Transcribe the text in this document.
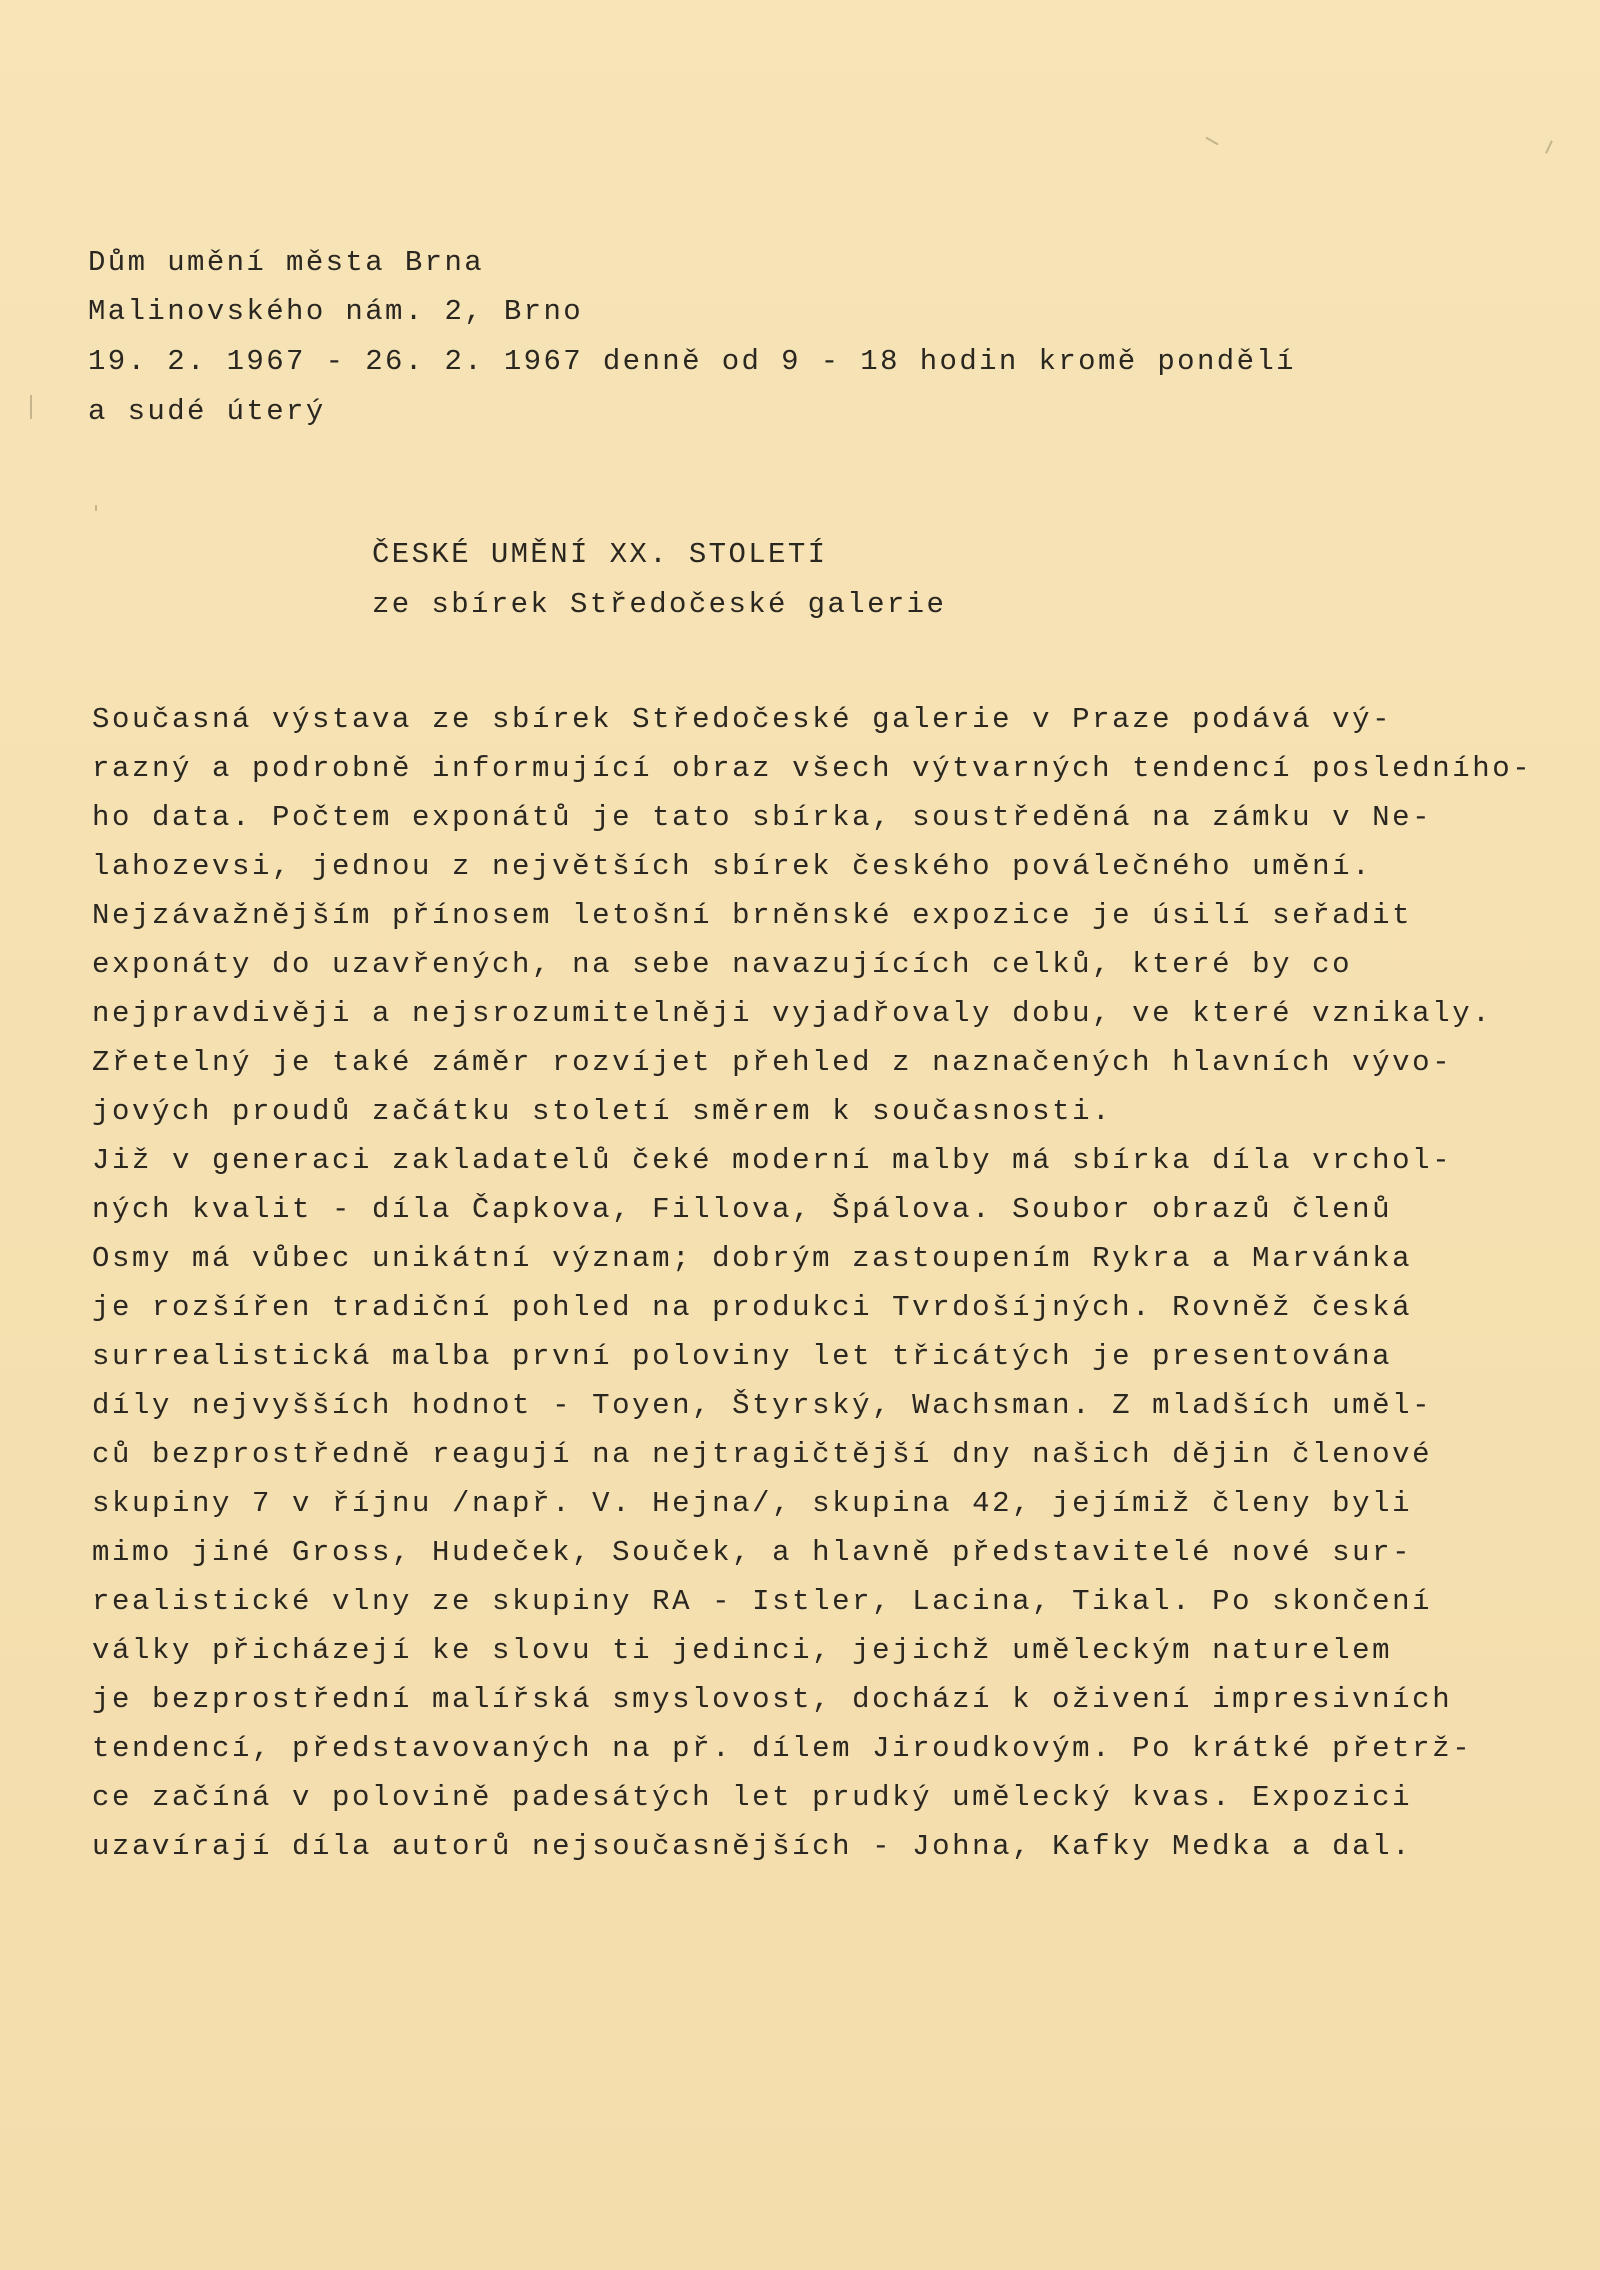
Dům umění města Brna
Malinovského nám. 2, Brno
19. 2. 1967 - 26. 2. 1967 denně od 9 - 18 hodin kromě pondělí
a sudé úterý
ČESKÉ UMĚNÍ XX. STOLETÍ
ze sbírek Středočeské galerie
Současná výstava ze sbírek Středočeské galerie v Praze podává vý-
razný a podrobně informující obraz všech výtvarných tendencí posledního-
ho data. Počtem exponátů je tato sbírka, soustředěná na zámku v Ne-
lahozevsi, jednou z největších sbírek českého poválečného umění.
Nejzávažnějším přínosem letošní brněnské expozice je úsilí seřadit
exponáty do uzavřených, na sebe navazujících celků, které by co
nejpravdivěji a nejsrozumitelněji vyjadřovaly dobu, ve které vznikaly.
Zřetelný je také záměr rozvíjet přehled z naznačených hlavních vývo-
jových proudů začátku století směrem k současnosti.
Již v generaci zakladatelů čeké moderní malby má sbírka díla vrchol-
ných kvalit - díla Čapkova, Fillova, Špálova. Soubor obrazů členů
Osmy má vůbec unikátní význam; dobrým zastoupením Rykra a Marvánka
je rozšířen tradiční pohled na produkci Tvrdošíjných. Rovněž česká
surrealistická malba první poloviny let třicátých je presentována
díly nejvyšších hodnot - Toyen, Štyrský, Wachsman. Z mladších uměl-
ců bezprostředně reagují na nejtragičtější dny našich dějin členové
skupiny 7 v říjnu /např. V. Hejna/, skupina 42, jejímiž členy byli
mimo jiné Gross, Hudeček, Souček, a hlavně představitelé nové sur-
realistické vlny ze skupiny RA - Istler, Lacina, Tikal. Po skončení
války přicházejí ke slovu ti jedinci, jejichž uměleckým naturelem
je bezprostřední malířská smyslovost, dochází k oživení impresivních
tendencí, představovaných na př. dílem Jiroudkovým. Po krátké přetrž-
ce začíná v polovině padesátých let prudký umělecký kvas. Expozici
uzavírají díla autorů nejsoučasnějších - Johna, Kafky Medka a dal.
